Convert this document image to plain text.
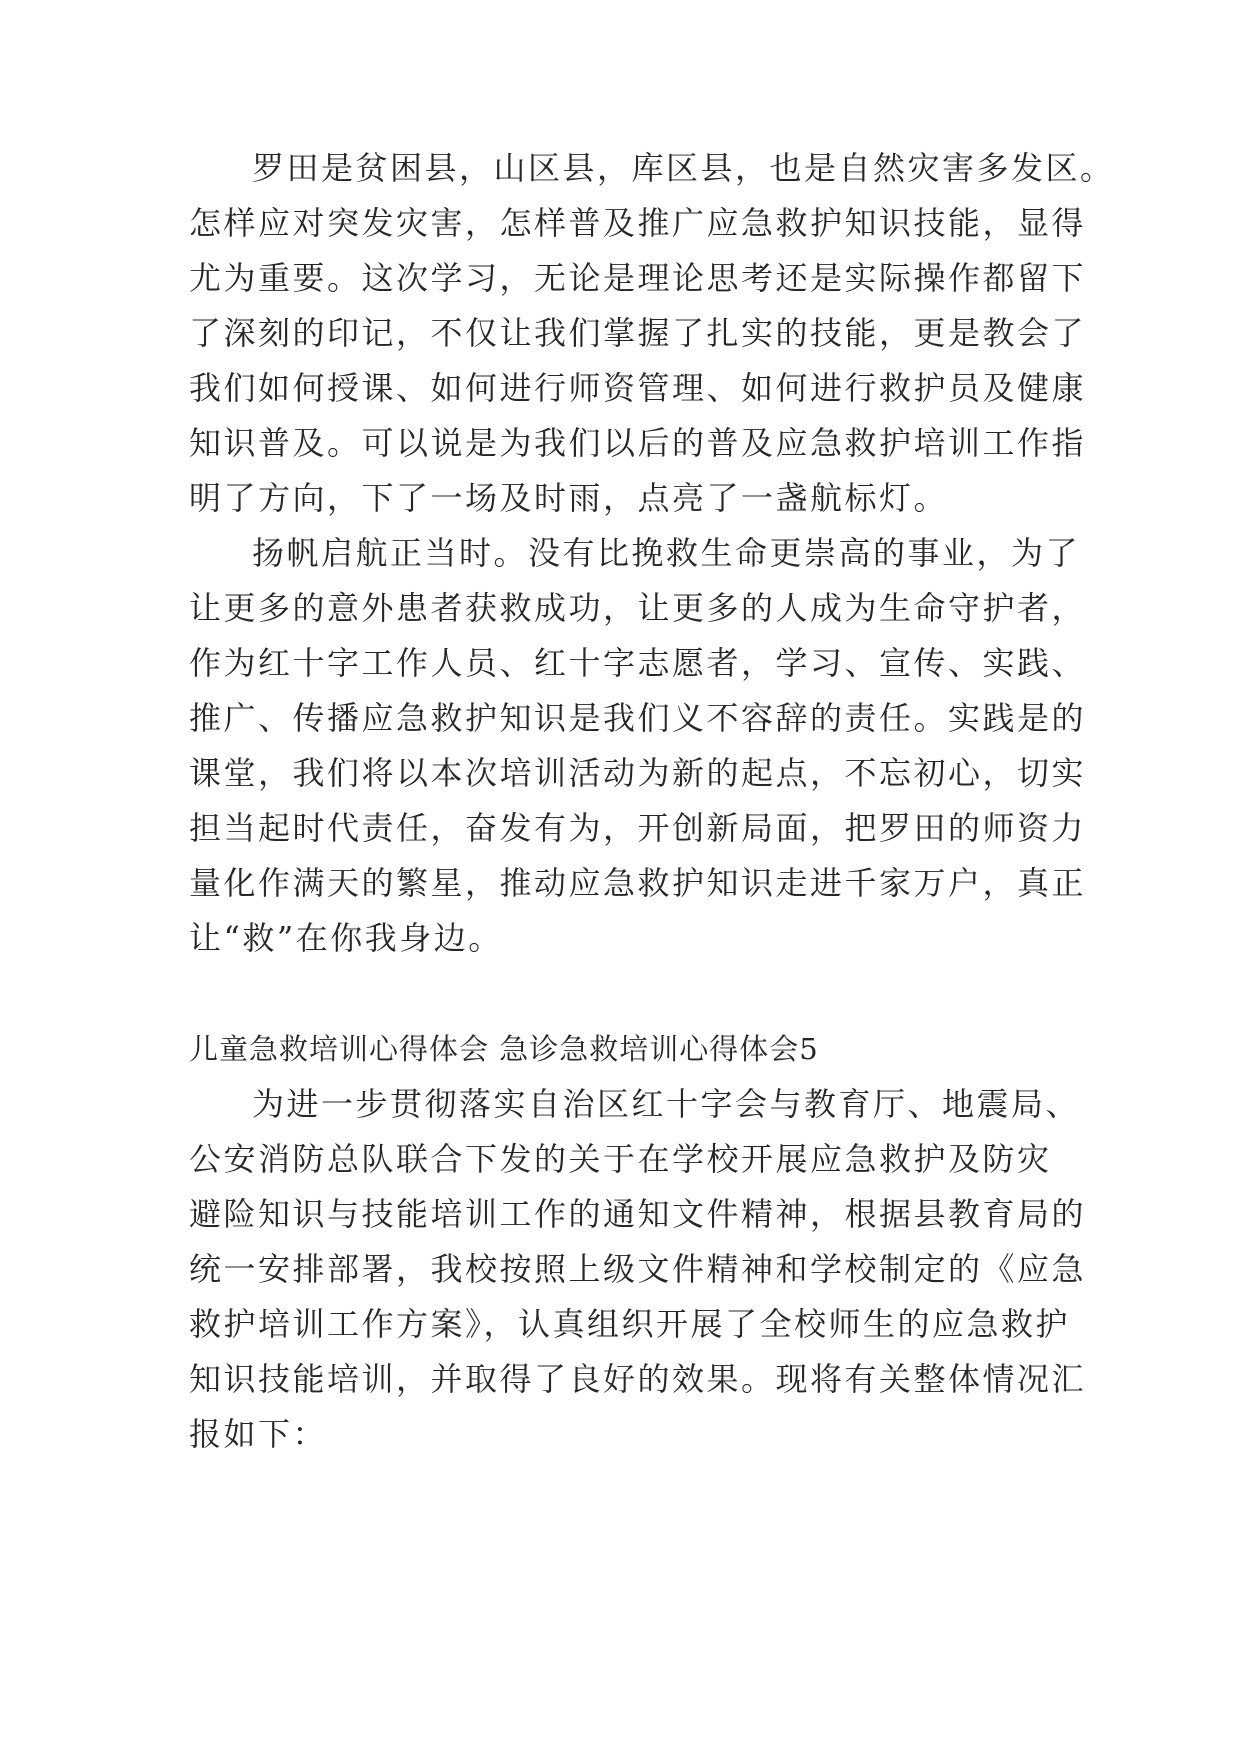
罗田是贫困县，山区县，库区县，也是自然灾害多发区。
怎样应对突发灾害，怎样普及推广应急救护知识技能，显得
尤为重要。这次学习，无论是理论思考还是实际操作都留下
了深刻的印记，不仅让我们掌握了扎实的技能，更是教会了
我们如何授课、如何进行师资管理、如何进行救护员及健康
知识普及。可以说是为我们以后的普及应急救护培训工作指
明了方向，下了一场及时雨，点亮了一盏航标灯。
扬帆启航正当时。没有比挽救生命更崇高的事业，为了
让更多的意外患者获救成功，让更多的人成为生命守护者，
作为红十字工作人员、红十字志愿者，学习、宣传、实践、
推广、传播应急救护知识是我们义不容辞的责任。实践是的
课堂，我们将以本次培训活动为新的起点，不忘初心，切实
担当起时代责任，奋发有为，开创新局面，把罗田的师资力
量化作满天的繁星，推动应急救护知识走进千家万户，真正
让“救”在你我身边。
儿童急救培训心得体会 急诊急救培训心得体会5
为进一步贯彻落实自治区红十字会与教育厅、地震局、
公安消防总队联合下发的关于在学校开展应急救护及防灾
避险知识与技能培训工作的通知文件精神，根据县教育局的
统一安排部署，我校按照上级文件精神和学校制定的《应急
救护培训工作方案》，认真组织开展了全校师生的应急救护
知识技能培训，并取得了良好的效果。现将有关整体情况汇
报如下：
